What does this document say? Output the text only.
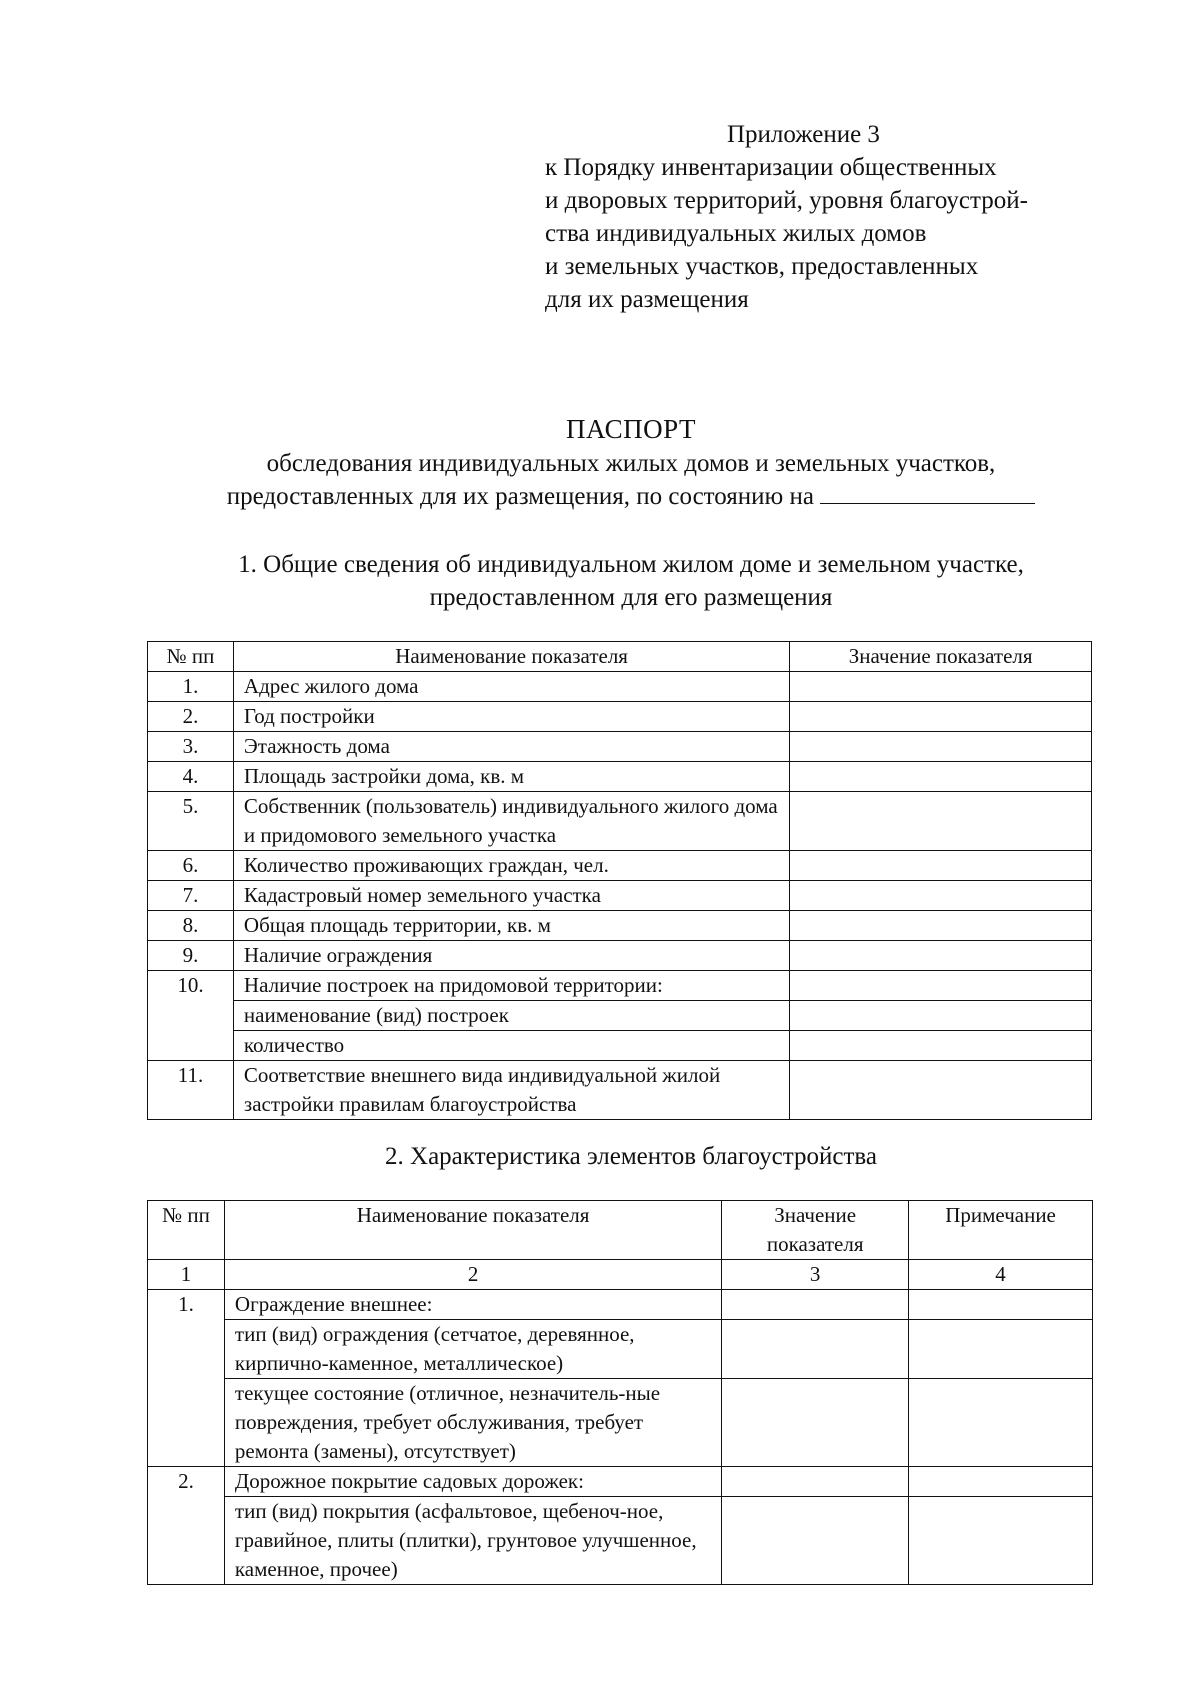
Приложение 3
к Порядку инвентаризации общественных
и дворовых территорий, уровня благоустрой-
ства индивидуальных жилых домов
и земельных участков, предоставленных
для их размещения
ПАСПОРТ
обследования индивидуальных жилых домов и земельных участков,
предоставленных для их размещения, по состоянию на
1. Общие сведения об индивидуальном жилом доме и земельном участке,
предоставленном для его размещения
№ пп	Наименование показателя	Значение показателя
1.	Адрес жилого дома	
2.	Год постройки	
3.	Этажность дома	
4.	Площадь застройки дома, кв. м	
5.	Собственник (пользователь) индивидуального жилого дома и придомового земельного участка	
6.	Количество проживающих граждан, чел.	
7.	Кадастровый номер земельного участка	
8.	Общая площадь территории, кв. м	
9.	Наличие ограждения	
10.	Наличие построек на придомовой территории:	
	наименование (вид) построек	
	количество	
11.	Соответствие внешнего вида индивидуальной жилой застройки правилам благоустройства	
2. Характеристика элементов благоустройства
№ пп	Наименование показателя	Значение показателя	Примечание
1	2	3	4
1.	Ограждение внешнее:		
	тип (вид) ограждения (сетчатое, деревянное, кирпично-каменное, металлическое)		
	текущее состояние (отличное, незначитель-ные повреждения, требует обслуживания, требует ремонта (замены), отсутствует)		
2.	Дорожное покрытие садовых дорожек:		
	тип (вид) покрытия (асфальтовое, щебеноч-ное, гравийное, плиты (плитки), грунтовое улучшенное, каменное, прочее)		
